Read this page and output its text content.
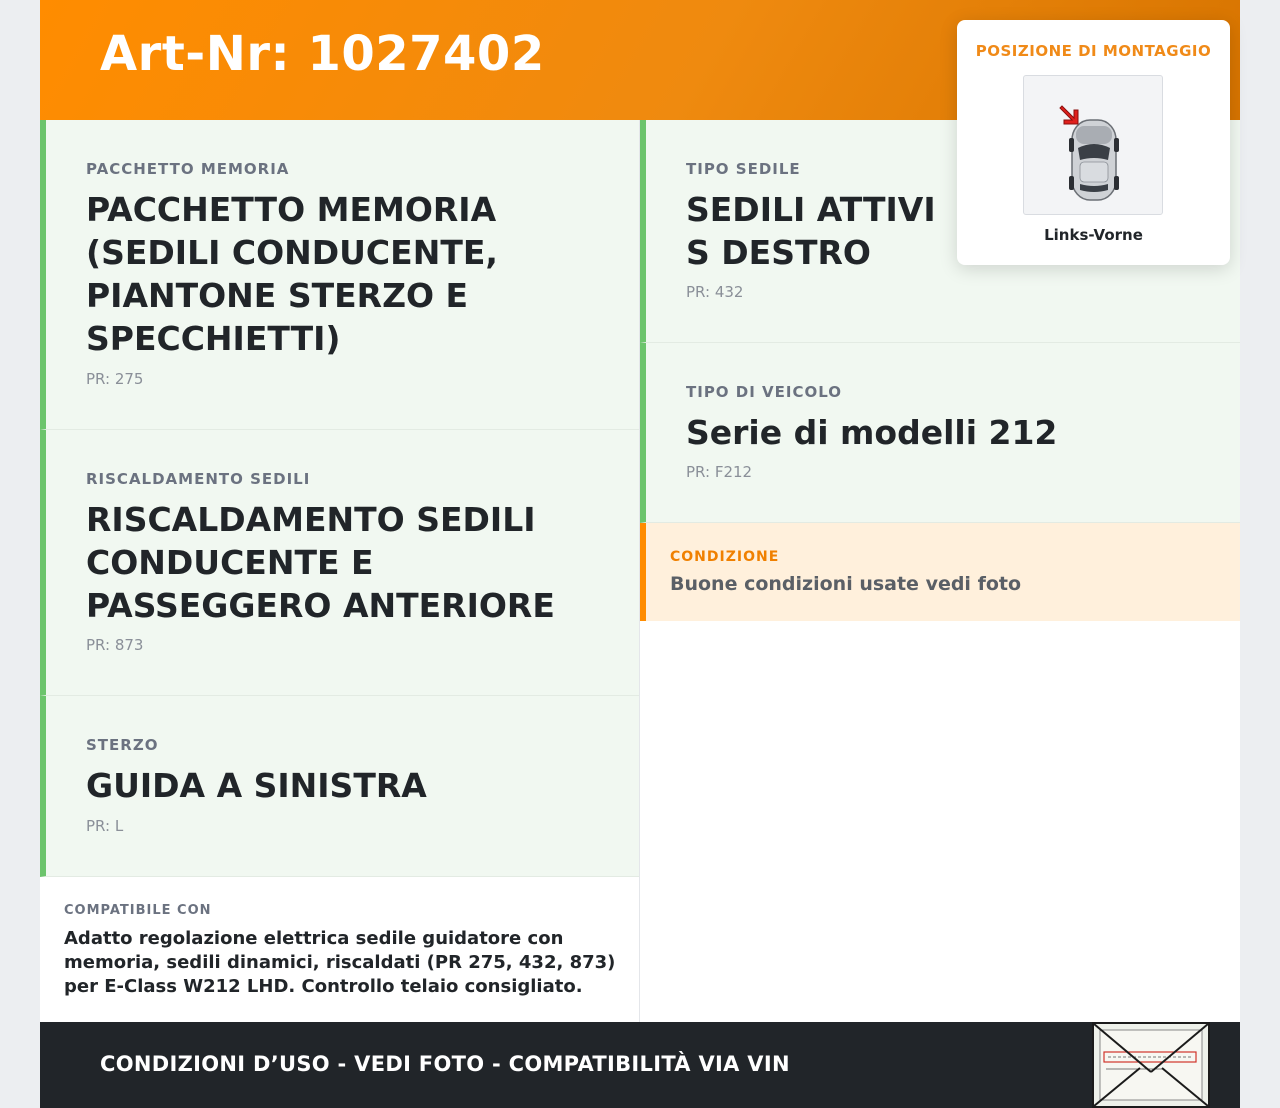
Art-Nr: 1027402
PACCHETTO MEMORIA
PACCHETTO MEMORIA (SEDILI CONDUCENTE, PIANTONE STERZO E SPECCHIETTI)
PR: 275
RISCALDAMENTO SEDILI
RISCALDAMENTO SEDILI CONDUCENTE E PASSEGGERO ANTERIORE
PR: 873
STERZO
GUIDA A SINISTRA
PR: L
TIPO SEDILE
SEDILI ATTIVI S DESTRO
PR: 432
TIPO DI VEICOLO
Serie di modelli 212
PR: F212
CONDIZIONE
Buone condizioni usate vedi foto
COMPATIBILE CON
Adatto regolazione elettrica sedile guidatore con memoria, sedili dinamici, riscaldati (PR 275, 432, 873) per E-Class W212 LHD. Controllo telaio consigliato.
CONDIZIONI D’USO - VEDI FOTO - COMPATIBILITÀ VIA VIN
POSIZIONE DI MONTAGGIO
Links-Vorne
